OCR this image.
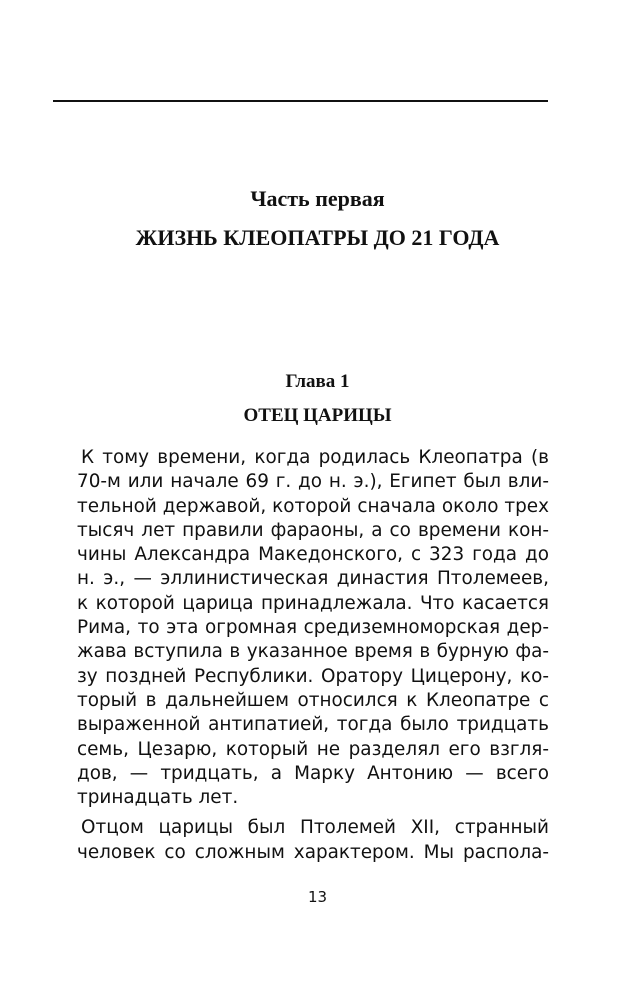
Часть первая
ЖИЗНЬ КЛЕОПАТРЫ ДО 21 ГОДА
Глава 1
ОТЕЦ ЦАРИЦЫ
К тому времени, когда родилась Клеопатра (в
70-м или начале 69 г. до н. э.), Египет был вли-
тельной державой, которой сначала около трех
тысяч лет правили фараоны, а со времени кон-
чины Александра Македонского, с 323 года до
н. э., — эллинистическая династия Птолемеев,
к которой царица принадлежала. Что касается
Рима, то эта огромная средиземноморская дер-
жава вступила в указанное время в бурную фа-
зу поздней Республики. Оратору Цицерону, ко-
торый в дальнейшем относился к Клеопатре с
выраженной антипатией, тогда было тридцать
семь, Цезарю, который не разделял его взгля-
дов, — тридцать, а Марку Антонию — всего
тринадцать лет.
Отцом царицы был Птолемей XII, странный
человек со сложным характером. Мы распола-
13
